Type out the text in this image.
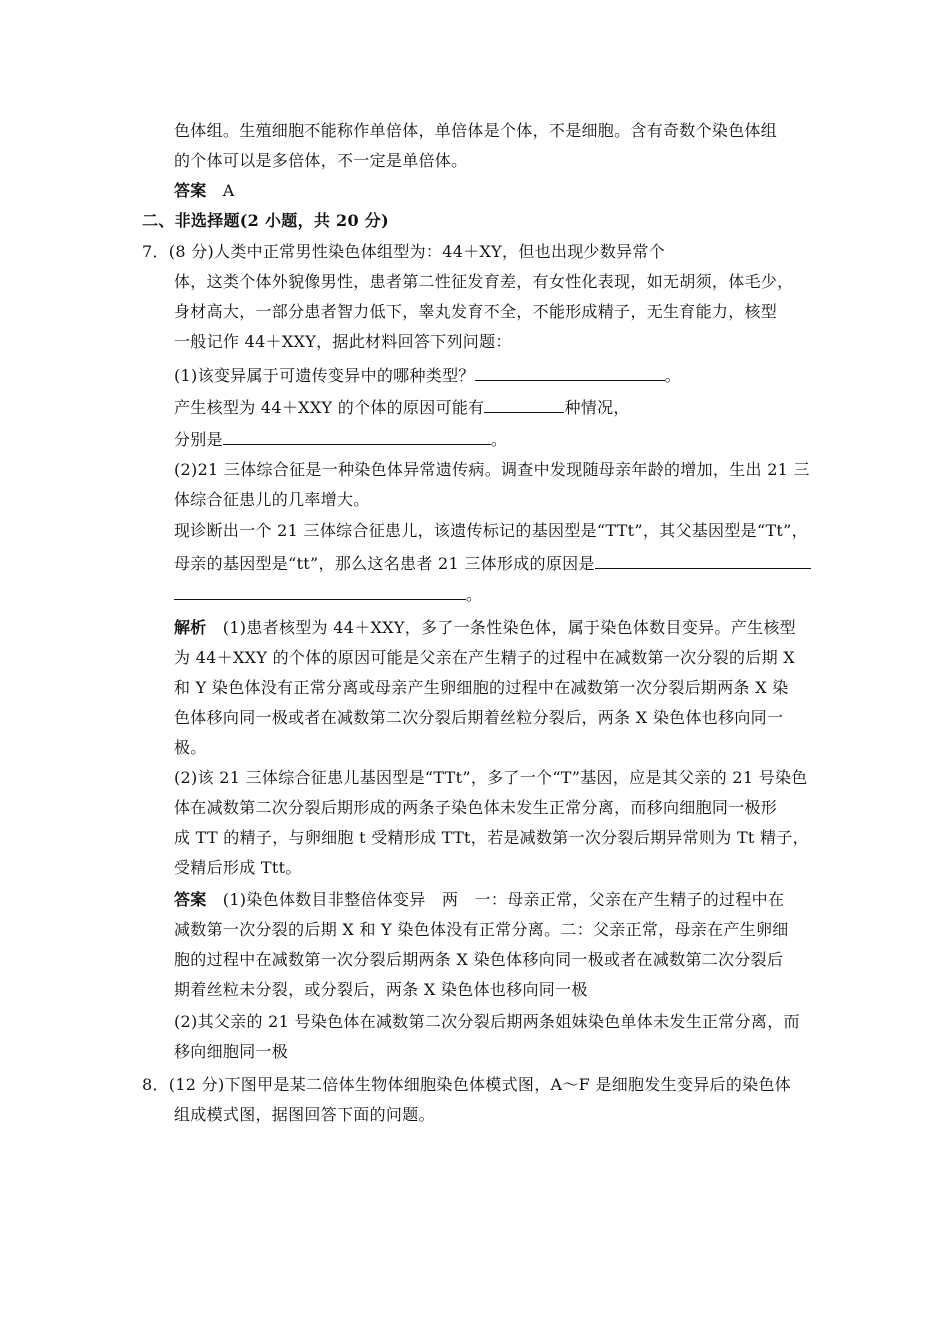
色体组。生殖细胞不能称作单倍体，单倍体是个体，不是细胞。含有奇数个染色体组
的个体可以是多倍体，不一定是单倍体。
答案 A
二、非选择题(2 小题，共 20 分)
7．(8 分)人类中正常男性染色体组型为：44＋XY，但也出现少数异常个
体，这类个体外貌像男性，患者第二性征发育差，有女性化表现，如无胡须，体毛少，
身材高大，一部分患者智力低下，睾丸发育不全，不能形成精子，无生育能力，核型
一般记作 44＋XXY，据此材料回答下列问题：
(1)该变异属于可遗传变异中的哪种类型？	。
产生核型为 44＋XXY 的个体的原因可能有	种情况，
分别是	。
(2)21 三体综合征是一种染色体异常遗传病。调查中发现随母亲年龄的增加，生出 21 三
体综合征患儿的几率增大。
现诊断出一个 21 三体综合征患儿，该遗传标记的基因型是“TTt”，其父基因型是“Tt”，
母亲的基因型是“tt”，那么这名患者 21 三体形成的原因是
。
解析 (1)患者核型为 44＋XXY，多了一条性染色体，属于染色体数目变异。产生核型
为 44＋XXY 的个体的原因可能是父亲在产生精子的过程中在减数第一次分裂的后期 X
和 Y 染色体没有正常分离或母亲产生卵细胞的过程中在减数第一次分裂后期两条 X 染
色体移向同一极或者在减数第二次分裂后期着丝粒分裂后，两条 X 染色体也移向同一
极。
(2)该 21 三体综合征患儿基因型是“TTt”，多了一个“T”基因，应是其父亲的 21 号染色
体在减数第二次分裂后期形成的两条子染色体未发生正常分离，而移向细胞同一极形
成 TT 的精子，与卵细胞 t 受精形成 TTt，若是减数第一次分裂后期异常则为 Tt 精子，
受精后形成 Ttt。
答案 (1)染色体数目非整倍体变异　两　一：母亲正常，父亲在产生精子的过程中在
减数第一次分裂的后期 X 和 Y 染色体没有正常分离。二：父亲正常，母亲在产生卵细
胞的过程中在减数第一次分裂后期两条 X 染色体移向同一极或者在减数第二次分裂后
期着丝粒未分裂，或分裂后，两条 X 染色体也移向同一极
(2)其父亲的 21 号染色体在减数第二次分裂后期两条姐妹染色单体未发生正常分离，而
移向细胞同一极
8．(12 分)下图甲是某二倍体生物体细胞染色体模式图，A～F 是细胞发生变异后的染色体
组成模式图，据图回答下面的问题。
